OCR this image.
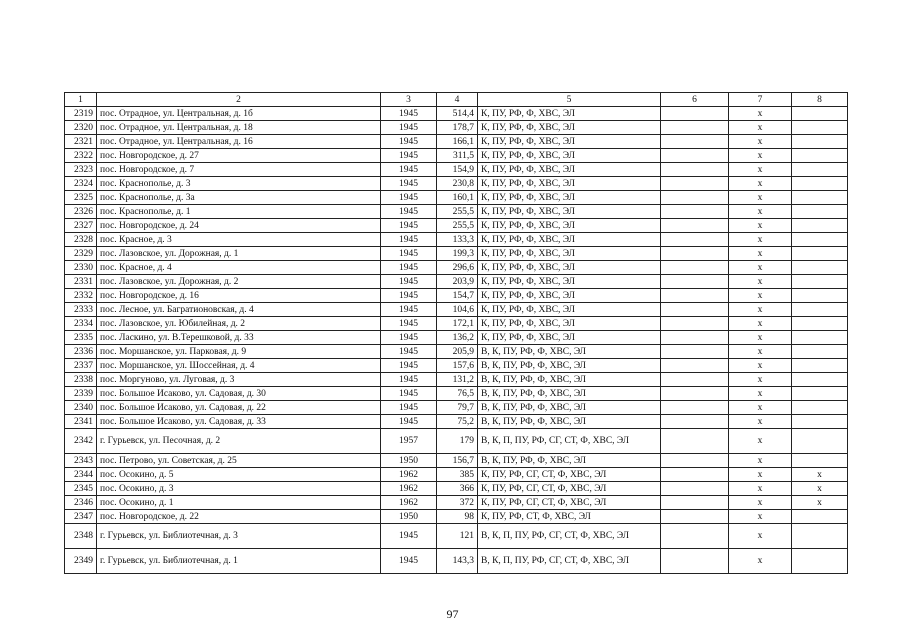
1	2	3	4	5	6	7	8
2319	пос. Отрадное, ул. Центральная, д. 1б	1945	514,4	К, ПУ, РФ, Ф, ХВС, ЭЛ		х	
2320	пос. Отрадное, ул. Центральная, д. 18	1945	178,7	К, ПУ, РФ, Ф, ХВС, ЭЛ		х	
2321	пос. Отрадное, ул. Центральная, д. 16	1945	166,1	К, ПУ, РФ, Ф, ХВС, ЭЛ		х	
2322	пос. Новгородское, д. 27	1945	311,5	К, ПУ, РФ, Ф, ХВС, ЭЛ		х	
2323	пос. Новгородское, д. 7	1945	154,9	К, ПУ, РФ, Ф, ХВС, ЭЛ		х	
2324	пос. Краснополье, д. 3	1945	230,8	К, ПУ, РФ, Ф, ХВС, ЭЛ		х	
2325	пос. Краснополье, д. 3а	1945	160,1	К, ПУ, РФ, Ф, ХВС, ЭЛ		х	
2326	пос. Краснополье, д. 1	1945	255,5	К, ПУ, РФ, Ф, ХВС, ЭЛ		х	
2327	пос. Новгородское, д. 24	1945	255,5	К, ПУ, РФ, Ф, ХВС, ЭЛ		х	
2328	пос. Красное, д. 3	1945	133,3	К, ПУ, РФ, Ф, ХВС, ЭЛ		х	
2329	пос. Лазовское, ул. Дорожная, д. 1	1945	199,3	К, ПУ, РФ, Ф, ХВС, ЭЛ		х	
2330	пос. Красное, д. 4	1945	296,6	К, ПУ, РФ, Ф, ХВС, ЭЛ		х	
2331	пос. Лазовское, ул. Дорожная, д. 2	1945	203,9	К, ПУ, РФ, Ф, ХВС, ЭЛ		х	
2332	пос. Новгородское, д. 16	1945	154,7	К, ПУ, РФ, Ф, ХВС, ЭЛ		х	
2333	пос. Лесное, ул. Багратионовская, д. 4	1945	104,6	К, ПУ, РФ, Ф, ХВС, ЭЛ		х	
2334	пос. Лазовское, ул. Юбилейная, д. 2	1945	172,1	К, ПУ, РФ, Ф, ХВС, ЭЛ		х	
2335	пос. Ласкино, ул. В.Терешковой, д. 33	1945	136,2	К, ПУ, РФ, Ф, ХВС, ЭЛ		х	
2336	пос. Моршанское, ул. Парковая, д. 9	1945	205,9	В, К, ПУ, РФ, Ф, ХВС, ЭЛ		х	
2337	пос. Моршанское, ул. Шоссейная, д. 4	1945	157,6	В, К, ПУ, РФ, Ф, ХВС, ЭЛ		х	
2338	пос. Моргуново, ул. Луговая, д. 3	1945	131,2	В, К, ПУ, РФ, Ф, ХВС, ЭЛ		х	
2339	пос. Большое Исаково, ул. Садовая, д. 30	1945	76,5	В, К, ПУ, РФ, Ф, ХВС, ЭЛ		х	
2340	пос. Большое Исаково, ул. Садовая, д. 22	1945	79,7	В, К, ПУ, РФ, Ф, ХВС, ЭЛ		х	
2341	пос. Большое Исаково, ул. Садовая, д. 33	1945	75,2	В, К, ПУ, РФ, Ф, ХВС, ЭЛ		х	
2342	г. Гурьевск, ул. Песочная, д. 2	1957	179	В, К, П, ПУ, РФ, СГ, СТ, Ф, ХВС, ЭЛ		х	
2343	пос. Петрово, ул. Советская, д. 25	1950	156,7	В, К, ПУ, РФ, Ф, ХВС, ЭЛ		х	
2344	пос. Осокино, д. 5	1962	385	К, ПУ, РФ, СГ, СТ, Ф, ХВС, ЭЛ		х	х
2345	пос. Осокино, д. 3	1962	366	К, ПУ, РФ, СГ, СТ, Ф, ХВС, ЭЛ		х	х
2346	пос. Осокино, д. 1	1962	372	К, ПУ, РФ, СГ, СТ, Ф, ХВС, ЭЛ		х	х
2347	пос. Новгородское, д. 22	1950	98	К, ПУ, РФ, СТ, Ф, ХВС, ЭЛ		х	
2348	г. Гурьевск, ул. Библиотечная, д. 3	1945	121	В, К, П, ПУ, РФ, СГ, СТ, Ф, ХВС, ЭЛ		х	
2349	г. Гурьевск, ул. Библиотечная, д. 1	1945	143,3	В, К, П, ПУ, РФ, СГ, СТ, Ф, ХВС, ЭЛ		х	
97
